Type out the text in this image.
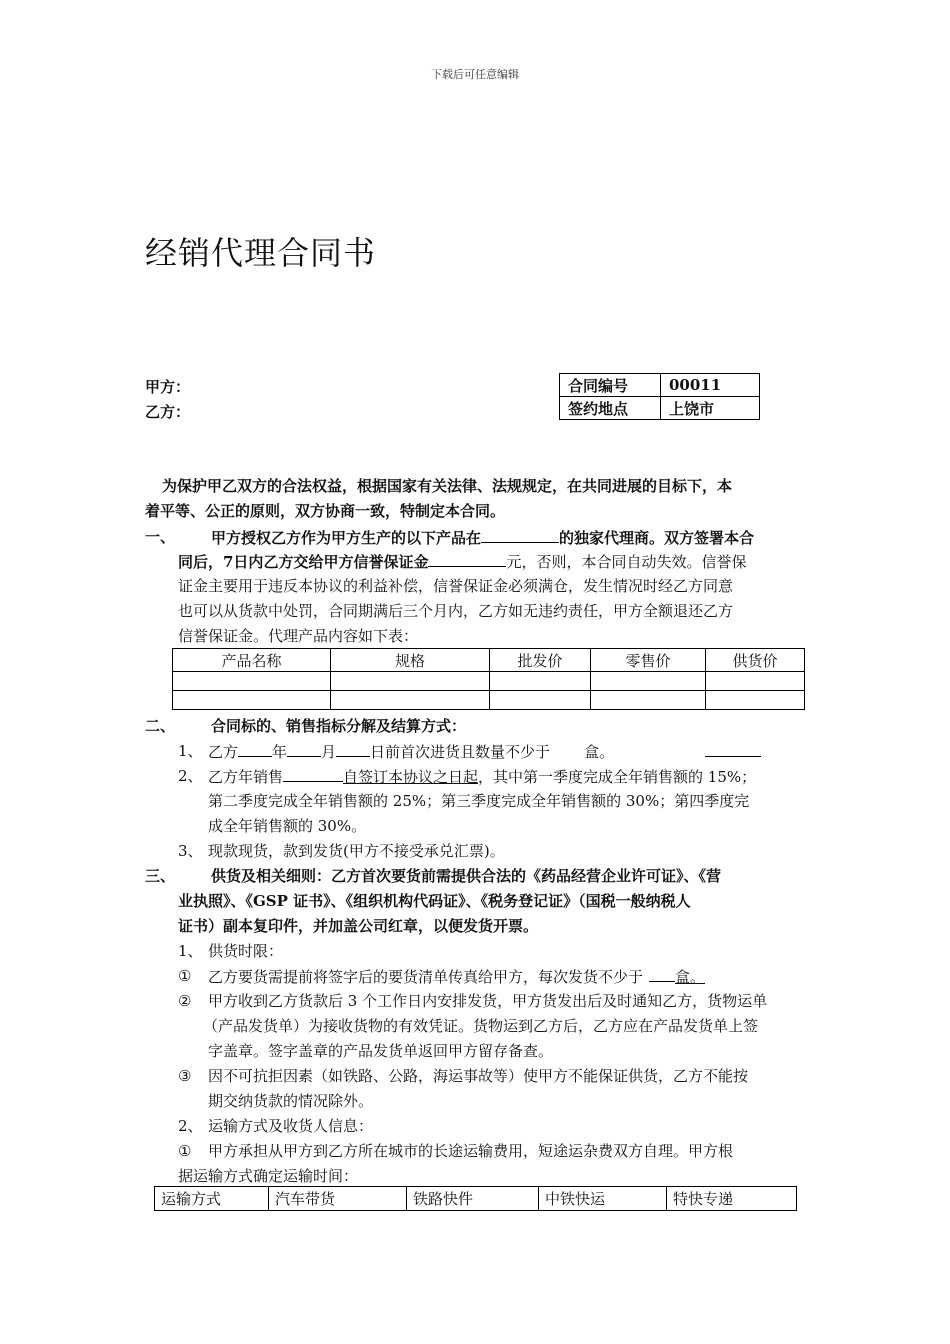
下载后可任意编辑
经销代理合同书
甲方：
乙方：
合同编号	00011
签约地点	上饶市
为保护甲乙双方的合法权益，根据国家有关法律、法规规定，在共同进展的目标下，本
着平等、公正的原则，双方协商一致，特制定本合同。
一、 甲方授权乙方作为甲方生产的以下产品在	的独家代理商。双方签署本合
同后，7日内乙方交给甲方信誉保证金	元，否则，本合同自动失效。信誉保
证金主要用于违反本协议的利益补偿，信誉保证金必须满仓，发生情况时经乙方同意
也可以从货款中处罚，合同期满后三个月内，乙方如无违约责任，甲方全额退还乙方
信誉保证金。代理产品内容如下表：
产品名称	规格	批发价	零售价	供货价

二、 合同标的、销售指标分解及结算方式：
1、 乙方 年 月 日前首次进货且数量不少于 盒。
2、 乙方年销售	自签订本协议之日起，其中第一季度完成全年销售额的 15%；
第二季度完成全年销售额的 25%；第三季度完成全年销售额的 30%；第四季度完
成全年销售额的 30%。
3、 现款现货，款到发货(甲方不接受承兑汇票)。
三、 供货及相关细则：乙方首次要货前需提供合法的《药品经营企业许可证》、《营
业执照》、《GSP 证书》、《组织机构代码证》、《税务登记证》（国税一般纳税人
证书）副本复印件，并加盖公司红章，以便发货开票。
1、 供货时限：
① 乙方要货需提前将签字后的要货清单传真给甲方，每次发货不少于 盒。
② 甲方收到乙方货款后 3 个工作日内安排发货，甲方货发出后及时通知乙方，货物运单
（产品发货单）为接收货物的有效凭证。货物运到乙方后，乙方应在产品发货单上签
字盖章。签字盖章的产品发货单返回甲方留存备查。
③ 因不可抗拒因素（如铁路、公路，海运事故等）使甲方不能保证供货，乙方不能按
期交纳货款的情况除外。
2、 运输方式及收货人信息：
① 甲方承担从甲方到乙方所在城市的长途运输费用，短途运杂费双方自理。甲方根
据运输方式确定运输时间：
运输方式	汽车带货	铁路快件	中铁快运	特快专递
